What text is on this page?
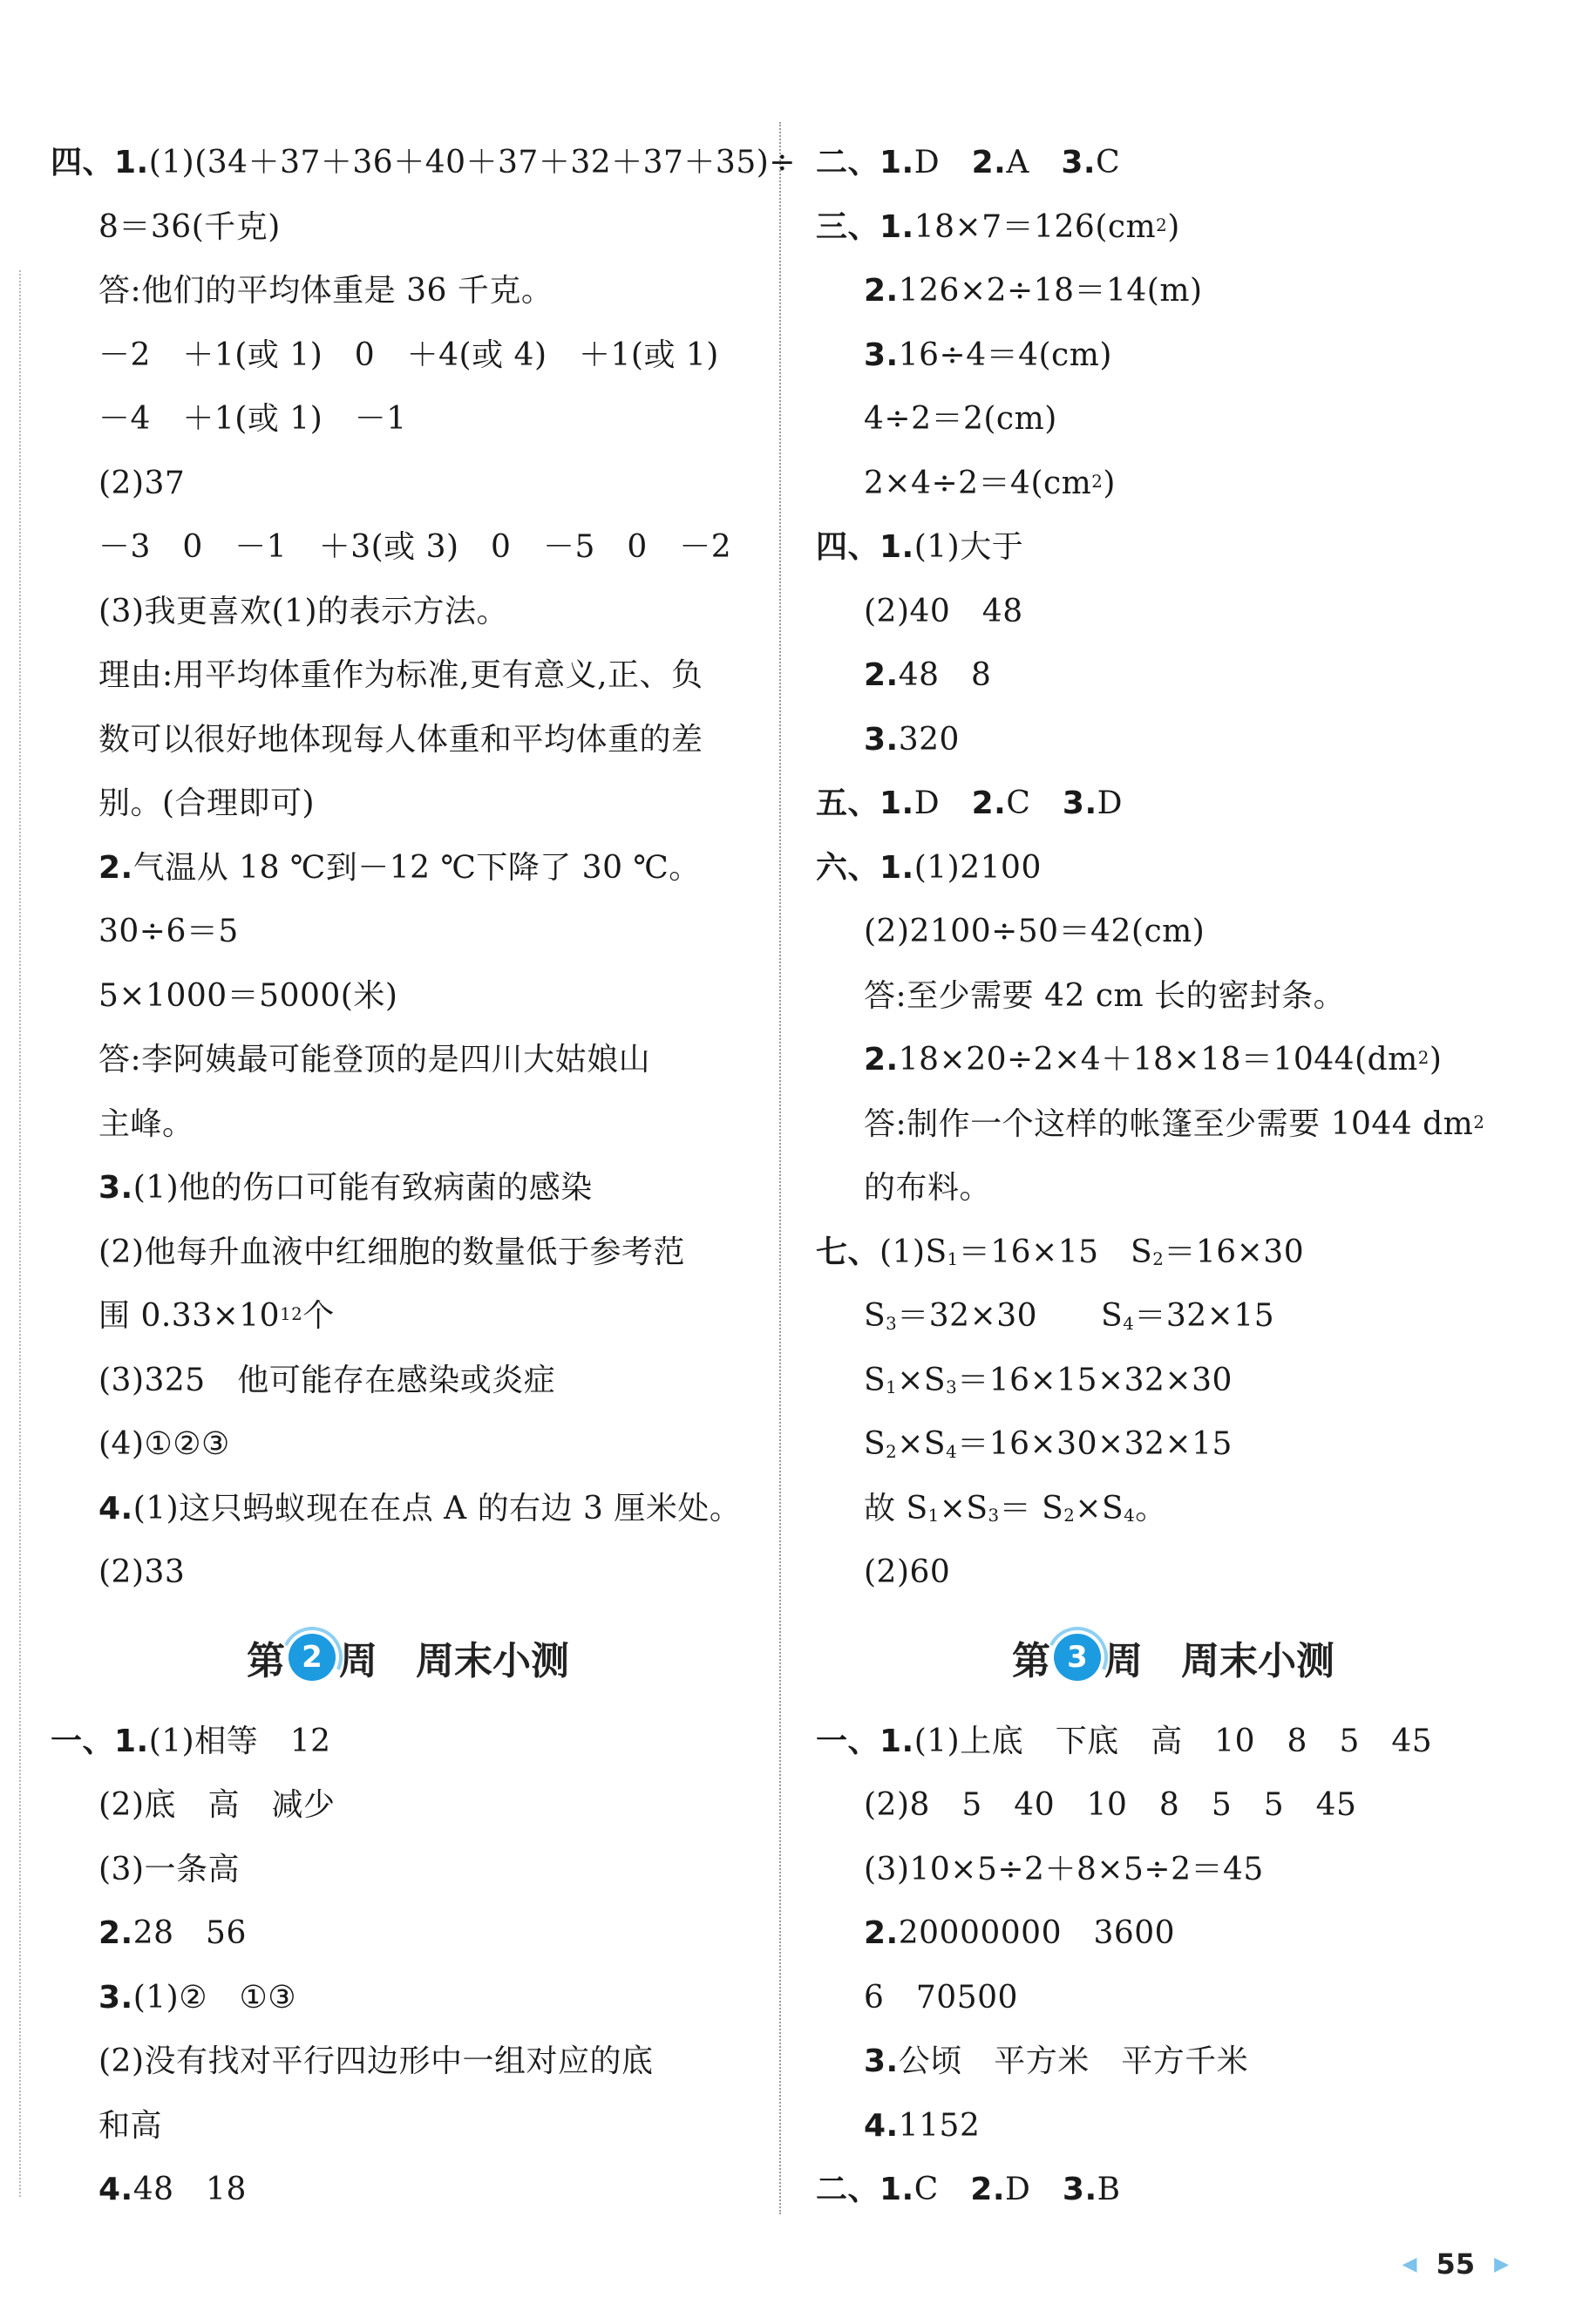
四、1.(1)(34＋37＋36＋40＋37＋32＋37＋35)÷
8＝36(千克)
答:他们的平均体重是 36 千克。
－2　＋1(或 1)　0　＋4(或 4)　＋1(或 1)
－4　＋1(或 1)　－1
(2)37
－3　0　－1　＋3(或 3)　0　－5　0　－2
(3)我更喜欢(1)的表示方法。
理由:用平均体重作为标准,更有意义,正、负
数可以很好地体现每人体重和平均体重的差
别。(合理即可)
2.气温从 18 ℃到－12 ℃下降了 30 ℃。
30÷6＝5
5×1000＝5000(米)
答:李阿姨最可能登顶的是四川大姑娘山
主峰。
3.(1)他的伤口可能有致病菌的感染
(2)他每升血液中红细胞的数量低于参考范
围 $0.33\times 10^{12}$个
(3)325　他可能存在感染或炎症
(4)①②③
4.(1)这只蚂蚁现在在点 A 的右边 3 厘米处。
(2)33
第 2 周 周末小测
一、1.(1)相等　12
(2)底　高　减少
(3)一条高
2.28　56
3.(1)②　①③
(2)没有找对平行四边形中一组对应的底
和高
4.48　18
二、1.D　2.A　3.C
三、$1.18\times 7=126(cm^2)$
2.126×2÷18＝14(m)
3.16÷4＝4(cm)
4÷2＝2(cm)
$2\times 4\div 2=4(cm^2)$
四、1.(1)大于
(2)40　48
2.48　8
3.320
五、1.D　2.C　3.D
六、1.(1)2100
(2)2100÷50＝42(cm)
答:至少需要 42 cm 长的密封条。
$2.18\times 20\div 2\times 4+18\times 18=1044(dm^2)$
答:制作一个这样的帐篷至少需要 1044 $dm^2$
的布料。
七、$(1)S_1=16\times 15$　$S_2=16\times 30$
$S_3=32\times 30$　　$S_4=32\times 15$
$S_1\times S_3=16\times 15\times 32\times 30$
$S_2\times S_4=16\times 30\times 32\times 15$
故 $S_1\times S_3= S_2\times S_4$。
(2)60
第 3 周 周末小测
一、1.(1)上底　下底　高　10　8　5　45
(2)8　5　40　10　8　5　5　45
(3)10×5÷2＋8×5÷2＝45
2.20000000　3600
6　70500
3.公顷　平方米　平方千米
4.1152
二、1.C　2.D　3.B
◀ 55 ▶
